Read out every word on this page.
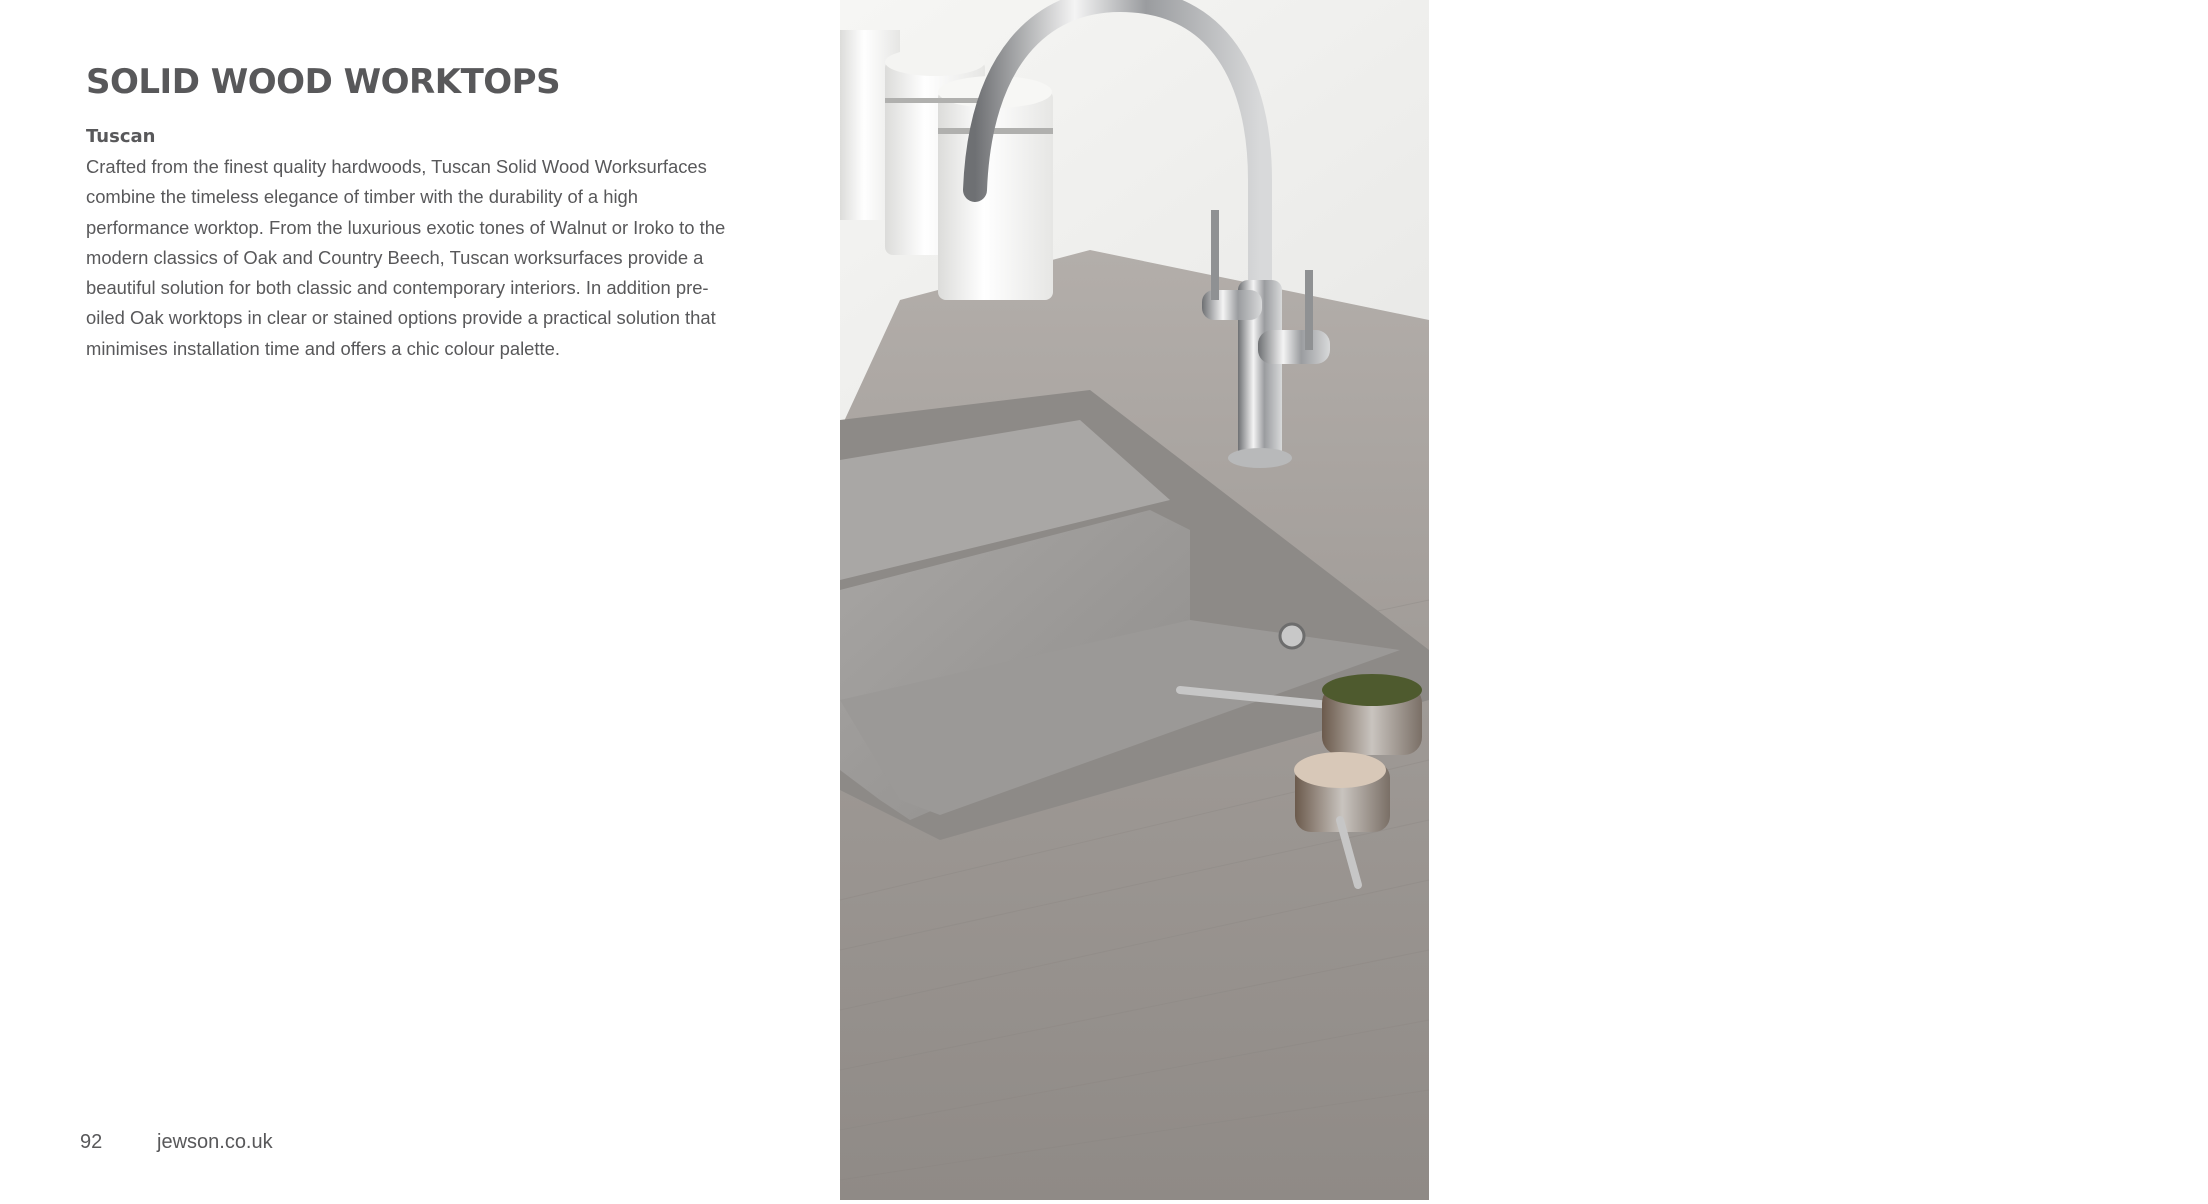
SOLID WOOD WORKTOPS
Tuscan

Crafted from the finest quality hardwoods, Tuscan Solid Wood Worksurfaces combine the timeless elegance of timber with the durability of a high performance worktop. From the luxurious exotic tones of Walnut or Iroko to the modern classics of Oak and Country Beech, Tuscan worksurfaces provide a beautiful solution for both classic and contemporary interiors. In addition pre-oiled Oak worktops in clear or stained options provide a practical solution that minimises installation time and offers a chic colour palette.

92	jewson.co.uk	Tuscan Fossil Oak
